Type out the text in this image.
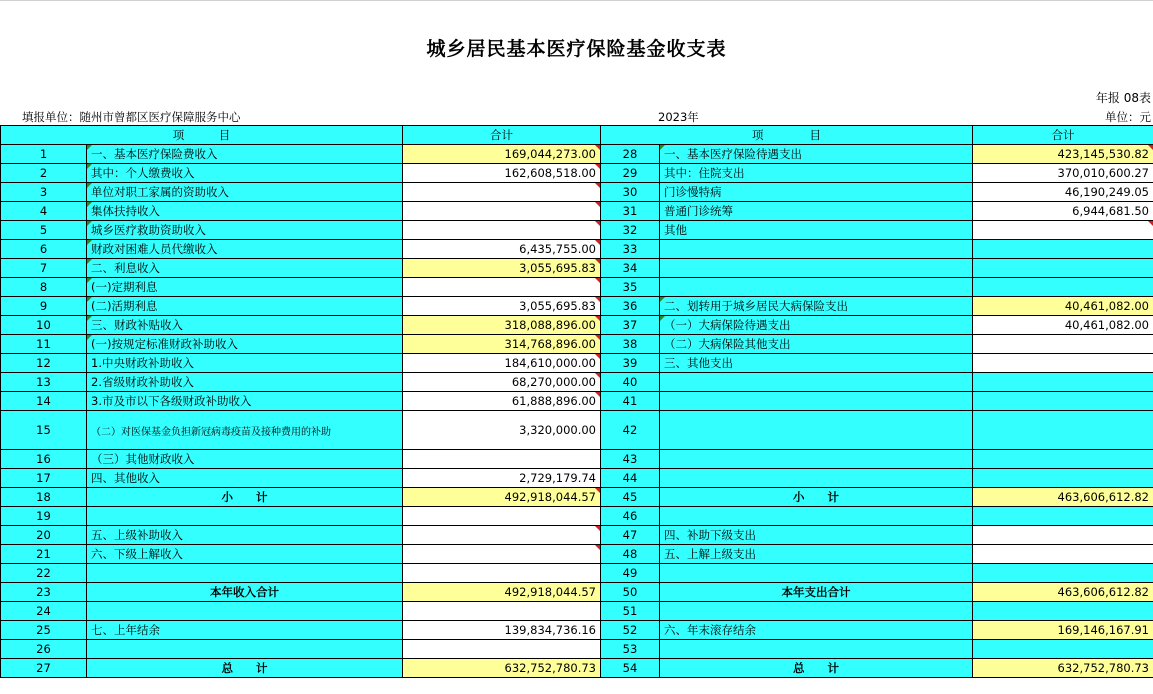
城乡居民基本医疗保险基金收支表
年报 08表
填报单位：随州市曾都区医疗保障服务中心	2023年	单位：元
项　　　目		合计	项　　　　目		合计
1	一、基本医疗保险费收入	169,044,273.00	28	一、基本医疗保险待遇支出	423,145,530.82
2	其中：个人缴费收入	162,608,518.00	29	其中：住院支出	370,010,600.27
3	单位对职工家属的资助收入		30	门诊慢特病	46,190,249.05
4	集体扶持收入		31	普通门诊统筹	6,944,681.50
5	城乡医疗救助资助收入		32	其他	
6	财政对困难人员代缴收入	6,435,755.00	33		
7	二、利息收入	3,055,695.83	34		
8	(一)定期利息		35		
9	(二)活期利息	3,055,695.83	36	二、划转用于城乡居民大病保险支出	40,461,082.00
10	三、财政补贴收入	318,088,896.00	37	（一）大病保险待遇支出	40,461,082.00
11	(一)按规定标准财政补助收入	314,768,896.00	38	（二）大病保险其他支出	
12	1.中央财政补助收入	184,610,000.00	39	三、其他支出	
13	2.省级财政补助收入	68,270,000.00	40		
14	3.市及市以下各级财政补助收入	61,888,896.00	41		
15	（二）对医保基金负担新冠病毒疫苗及接种费用的补助	3,320,000.00	42		
16	（三）其他财政收入		43		
17	四、其他收入	2,729,179.74	44		
18	小　　计	492,918,044.57	45	小　　计	463,606,612.82
19			46		
20	五、上级补助收入		47	四、补助下级支出	
21	六、下级上解收入		48	五、上解上级支出	
22			49		
23	本年收入合计	492,918,044.57	50	本年支出合计	463,606,612.82
24			51		
25	七、上年结余	139,834,736.16	52	六、年末滚存结余	169,146,167.91
26			53		
27	总　　计	632,752,780.73	54	总　　计	632,752,780.73
